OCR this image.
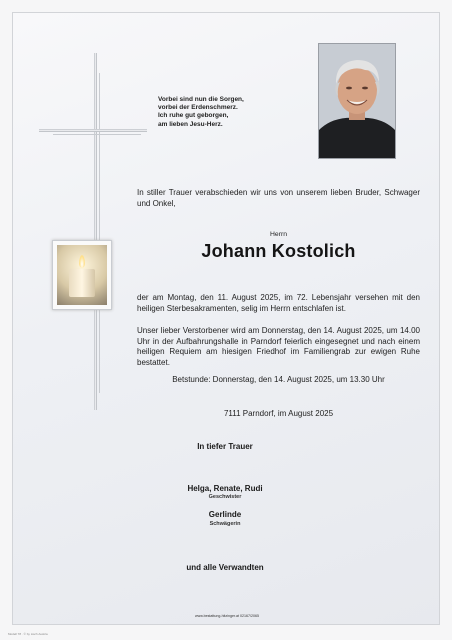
Vorbei sind nun die Sorgen,
vorbei der Erdenschmerz.
Ich ruhe gut geborgen,
am lieben Jesu-Herz.
In stiller Trauer verabschieden wir uns von unserem lieben Bruder, Schwager und Onkel,
Herrn
Johann Kostolich
der am Montag, den 11. August 2025, im 72. Lebensjahr versehen mit den heiligen Sterbesakramenten, selig im Herrn entschlafen ist.
Unser lieber Verstorbener wird am Donnerstag, den 14. August 2025, um 14.00 Uhr in der Aufbahrungshalle in Parndorf feierlich eingesegnet und nach einem heiligen Requiem am hiesigen Friedhof im Familiengrab zur ewigen Ruhe bestattet.
Betstunde: Donnerstag, den 14. August 2025, um 13.30 Uhr
7111 Parndorf, im August 2025
In tiefer Trauer
Helga, Renate, Rudi
Geschwister
Gerlinde
Schwägerin
und alle Verwandten
www.bestattung-hitzinger.at 02167/2065
Modell 78 · © by Lisch Austria
